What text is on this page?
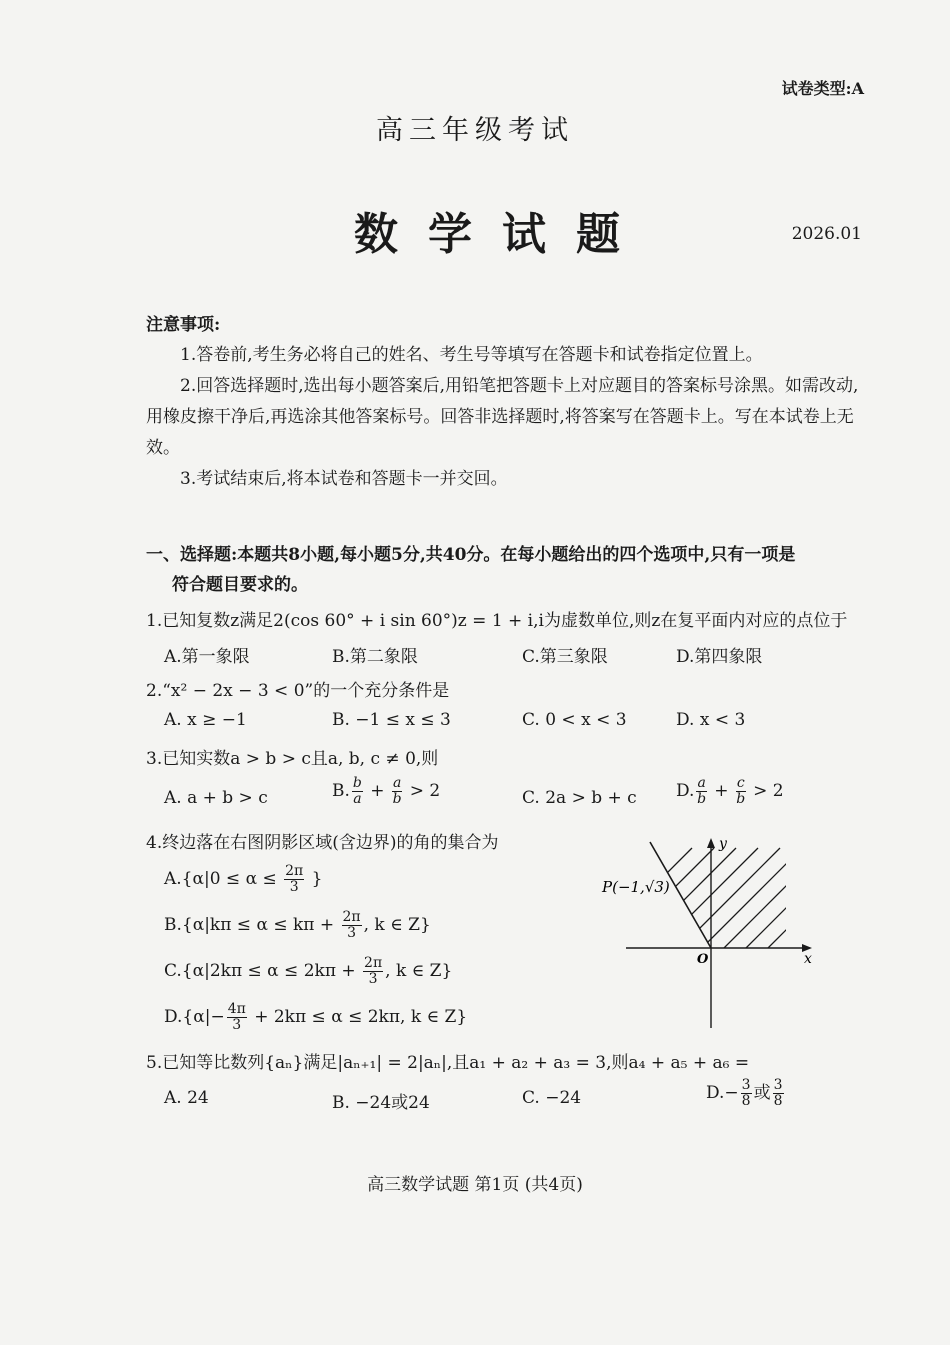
试卷类型:A
高三年级考试
数学试题	2026.01
注意事项:

1.答卷前,考生务必将自己的姓名、考生号等填写在答题卡和试卷指定位置上。

2.回答选择题时,选出每小题答案后,用铅笔把答题卡上对应题目的答案标号涂黑。如需改动,用橡皮擦干净后,再选涂其他答案标号。回答非选择题时,将答案写在答题卡上。写在本试卷上无效。

3.考试结束后,将本试卷和答题卡一并交回。

一、选择题:本题共8小题,每小题5分,共40分。在每小题给出的四个选项中,只有一项是
符合题目要求的。
1.已知复数z满足2(cos 60° + i sin 60°)z = 1 + i,i为虚数单位,则z在复平面内对应的点位于
A.第一象限	B.第二象限	C.第三象限	D.第四象限
2.“x² − 2x − 3 < 0”的一个充分条件是
A. x ≥ −1	B. −1 ≤ x ≤ 3	C. 0 < x < 3	D. x < 3
3.已知实数a > b > c且a, b, c ≠ 0,则
A. a + b > c	B. $\frac{b}{a} + \frac{a}{b} > 2$	C. 2a > b + c D. $\frac{a}{b} + \frac{c}{b} > 2$
4.终边落在右图阴影区域(含边界)的角的集合为
$A.\{\alpha|0 \le \alpha \le \frac{2\pi}{3}$ }
$B.\{\alpha|k\pi \le \alpha \le k\pi + \frac{2\pi}{3}$ , k ∈ Z}
$C.\{\alpha|2k\pi \le \alpha \le 2k\pi + \frac{2\pi}{3}$ , k ∈ Z}
$D.\{\alpha|- \frac{4\pi}{3} + 2k\pi \le \alpha \le 2k\pi$, k ∈ Z}
P(−1,√3)
y
x
O
5.已知等比数列{aₙ}满足|aₙ₊₁| = 2|aₙ|,且a₁ + a₂ + a₃ = 3,则a₄ + a₅ + a₆ =
A. 24	B. −24或24	C. −24	$D.- \frac{3}{8}$ 或 $\frac{3}{8}$
高三数学试题 第1页 (共4页)
